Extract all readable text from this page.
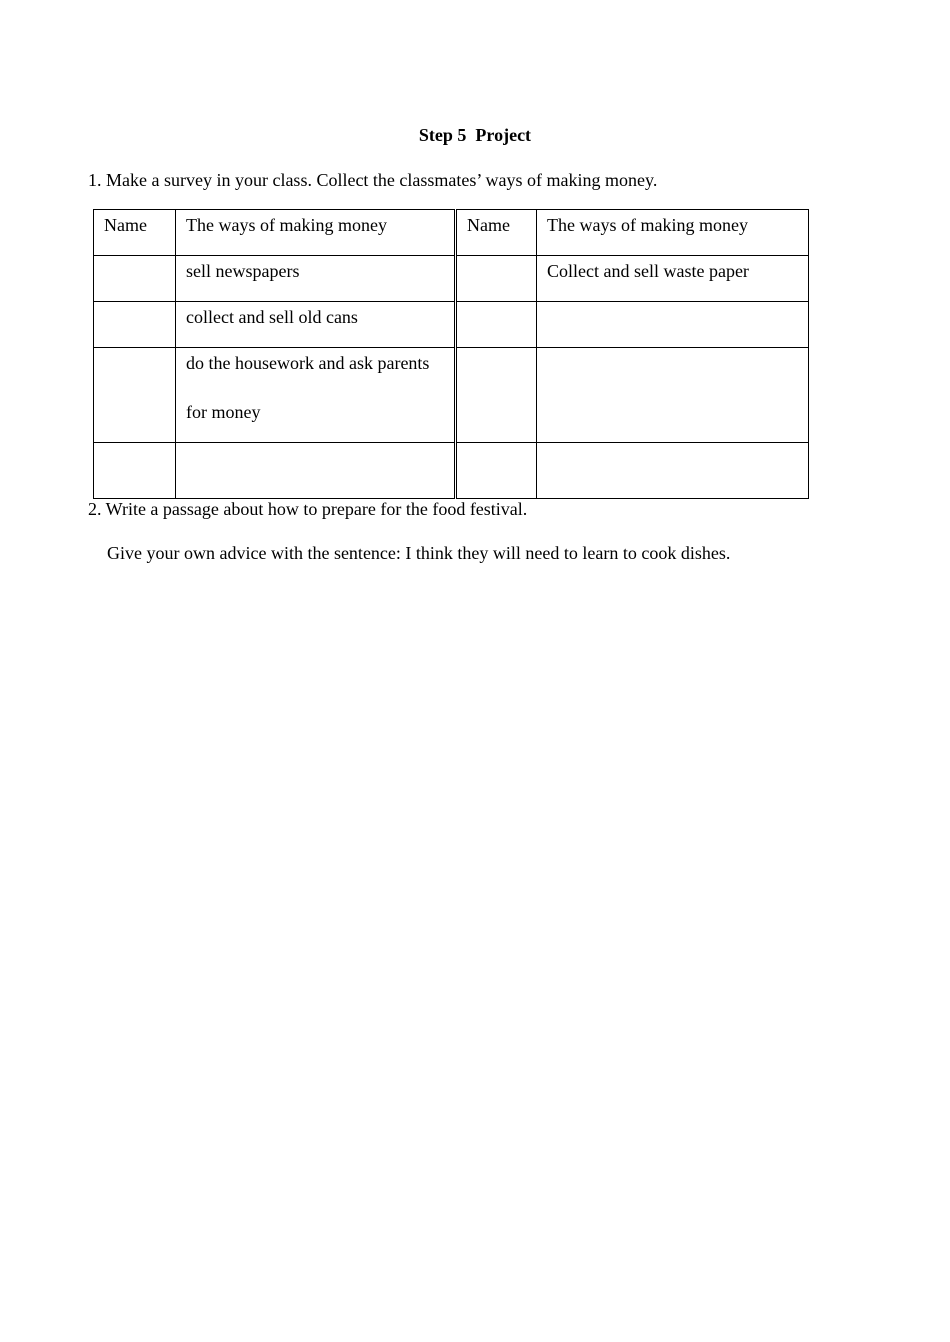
Step 5  Project
1. Make a survey in your class. Collect the classmates’ ways of making money.
Name	The ways of making money	Name	The ways of making money
	sell newspapers		Collect and sell waste paper
	collect and sell old cans		

	do the housework and ask parents
for money		

2. Write a passage about how to prepare for the food festival.
Give your own advice with the sentence: I think they will need to learn to cook dishes.
